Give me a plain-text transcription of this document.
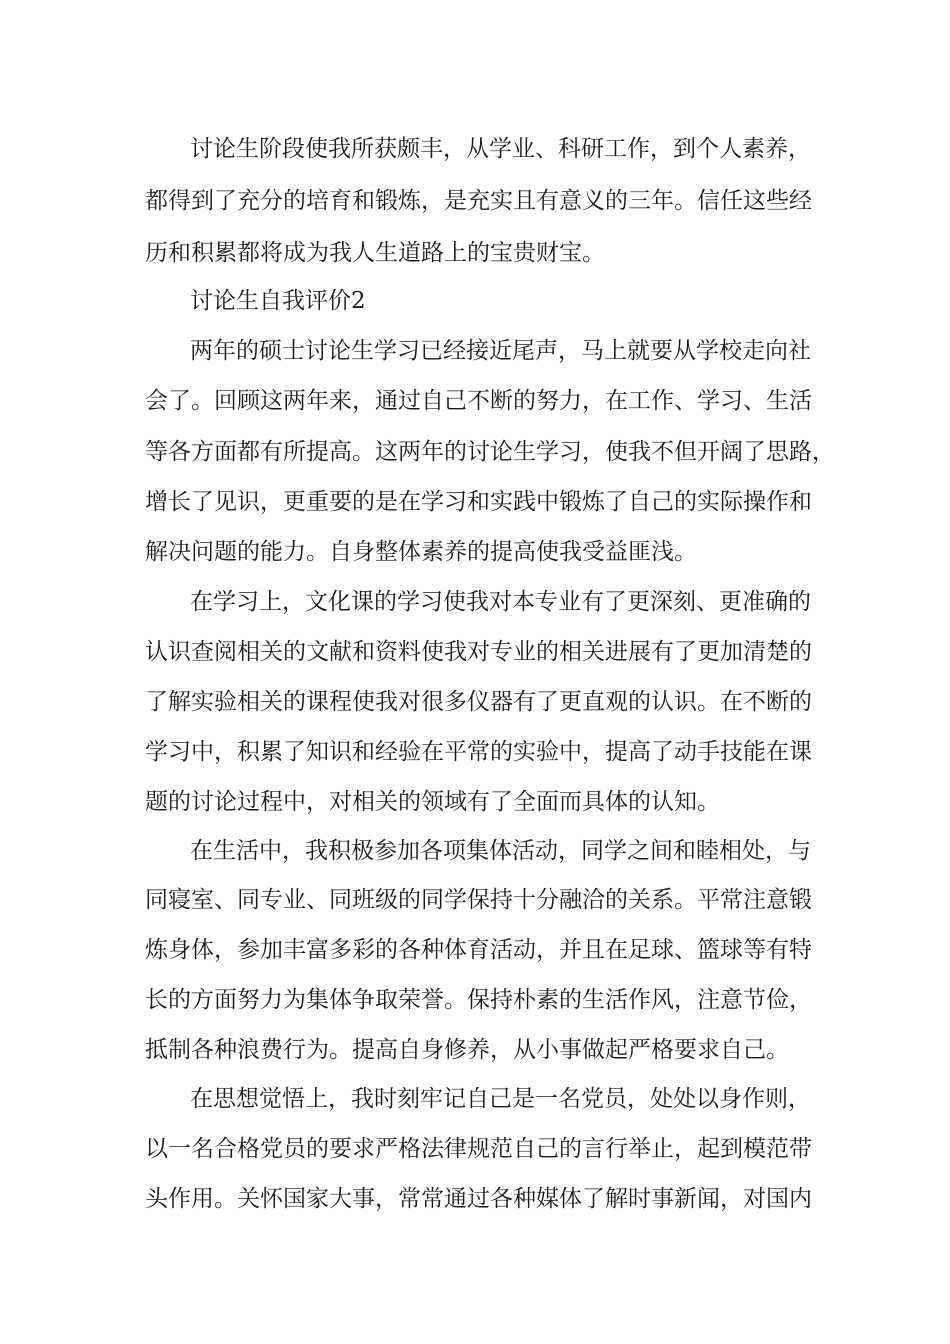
讨论生阶段使我所获颇丰，从学业、科研工作，到个人素养，

都得到了充分的培育和锻炼，是充实且有意义的三年。信任这些经

历和积累都将成为我人生道路上的宝贵财宝。

讨论生自我评价2

两年的硕士讨论生学习已经接近尾声，马上就要从学校走向社

会了。回顾这两年来，通过自己不断的努力，在工作、学习、生活

等各方面都有所提高。这两年的讨论生学习，使我不但开阔了思路，

增长了见识，更重要的是在学习和实践中锻炼了自己的实际操作和

解决问题的能力。自身整体素养的提高使我受益匪浅。

在学习上，文化课的学习使我对本专业有了更深刻、更准确的

认识查阅相关的文献和资料使我对专业的相关进展有了更加清楚的

了解实验相关的课程使我对很多仪器有了更直观的认识。在不断的

学习中，积累了知识和经验在平常的实验中，提高了动手技能在课

题的讨论过程中，对相关的领域有了全面而具体的认知。

在生活中，我积极参加各项集体活动，同学之间和睦相处，与

同寝室、同专业、同班级的同学保持十分融洽的关系。平常注意锻

炼身体，参加丰富多彩的各种体育活动，并且在足球、篮球等有特

长的方面努力为集体争取荣誉。保持朴素的生活作风，注意节俭，

抵制各种浪费行为。提高自身修养，从小事做起严格要求自己。

在思想觉悟上，我时刻牢记自己是一名党员，处处以身作则，

以一名合格党员的要求严格法律规范自己的言行举止，起到模范带

头作用。关怀国家大事，常常通过各种媒体了解时事新闻，对国内
